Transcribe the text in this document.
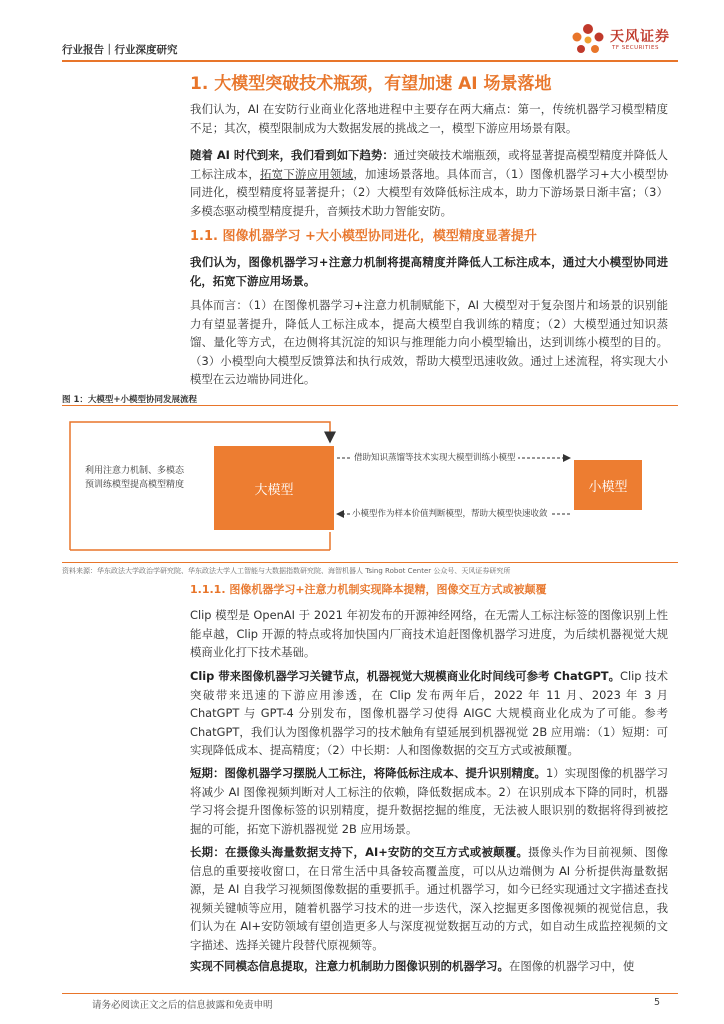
行业报告｜行业深度研究
天风证券
TF SECURITIES
1. 大模型突破技术瓶颈，有望加速 AI 场景落地
我们认为，AI 在安防行业商业化落地进程中主要存在两大痛点：第一，传统机器学习模型精度不足；其次，模型限制成为大数据发展的挑战之一，模型下游应用场景有限。
随着 AI 时代到来，我们看到如下趋势：通过突破技术端瓶颈，或将显著提高模型精度并降低人工标注成本，拓宽下游应用领域，加速场景落地。具体而言，（1）图像机器学习+大小模型协同进化，模型精度将显著提升；（2）大模型有效降低标注成本，助力下游场景日渐丰富；（3）多模态驱动模型精度提升，音频技术助力智能安防。
1.1. 图像机器学习 +大小模型协同进化，模型精度显著提升
我们认为，图像机器学习+注意力机制将提高精度并降低人工标注成本，通过大小模型协同进化，拓宽下游应用场景。
具体而言：（1）在图像机器学习+注意力机制赋能下，AI 大模型对于复杂图片和场景的识别能力有望显著提升，降低人工标注成本，提高大模型自我训练的精度；（2）大模型通过知识蒸馏、量化等方式，在边侧将其沉淀的知识与推理能力向小模型输出，达到训练小模型的目的。（3）小模型向大模型反馈算法和执行成效，帮助大模型迅速收敛。通过上述流程，将实现大小模型在云边端协同进化。
图 1：大模型+小模型协同发展流程
利用注意力机制、多模态预训练模型提高模型精度	大模型	小模型
借助知识蒸馏等技术实现大模型训练小模型
小模型作为样本价值判断模型，帮助大模型快速收敛
资料来源：华东政法大学政治学研究院、华东政法大学人工智能与大数据指数研究院、海智机器人 Tsing Robot Center 公众号、天风证券研究所
1.1.1. 图像机器学习+注意力机制实现降本提精，图像交互方式或被颠覆
Clip 模型是 OpenAI 于 2021 年初发布的开源神经网络，在无需人工标注标签的图像识别上性能卓越，Clip 开源的特点或将加快国内厂商技术追赶图像机器学习进度，为后续机器视觉大规模商业化打下技术基础。
Clip 带来图像机器学习关键节点，机器视觉大规模商业化时间线可参考 ChatGPT。Clip 技术突破带来迅速的下游应用渗透，在 Clip 发布两年后，2022 年 11 月、2023 年 3 月 ChatGPT 与 GPT-4 分别发布，图像机器学习使得 AIGC 大规模商业化成为了可能。参考 ChatGPT，我们认为图像机器学习的技术触角有望延展到机器视觉 2B 应用端：（1）短期：可实现降低成本、提高精度；（2）中长期：人和图像数据的交互方式或被颠覆。
短期：图像机器学习摆脱人工标注，将降低标注成本、提升识别精度。1）实现图像的机器学习将减少 AI 图像视频判断对人工标注的依赖，降低数据成本。2）在识别成本下降的同时，机器学习将会提升图像标签的识别精度，提升数据挖掘的维度，无法被人眼识别的数据将得到被挖掘的可能，拓宽下游机器视觉 2B 应用场景。
长期：在摄像头海量数据支持下，AI+安防的交互方式或被颠覆。摄像头作为目前视频、图像信息的重要接收窗口，在日常生活中具备较高覆盖度，可以从边端侧为 AI 分析提供海量数据源，是 AI 自我学习视频图像数据的重要抓手。通过机器学习，如今已经实现通过文字描述查找视频关键帧等应用，随着机器学习技术的进一步迭代，深入挖掘更多图像视频的视觉信息，我们认为在 AI+安防领域有望创造更多人与深度视觉数据互动的方式，如自动生成监控视频的文字描述、选择关键片段替代原视频等。
实现不同模态信息提取，注意力机制助力图像识别的机器学习。在图像的机器学习中，使
请务必阅读正文之后的信息披露和免责申明	5
